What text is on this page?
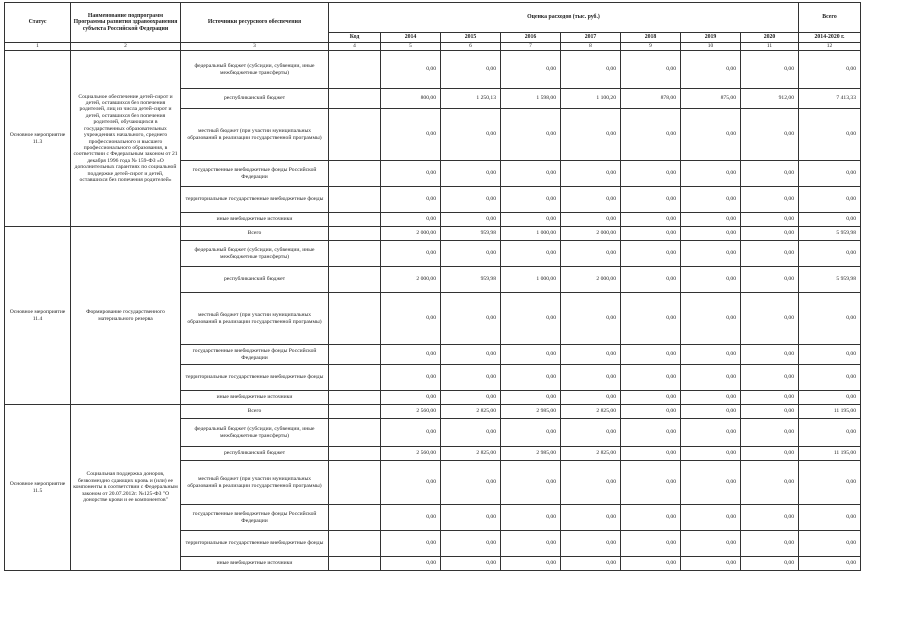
Статус	Наименование подпрограмм Программы развития здравоохранения субъекта Российской Федерации	Источники ресурсного обеспечения	Оценка расходов (тыс. руб.)								Всего
			Код	2014	2015	2016	2017	2018	2019	2020	2014-2020 г.
1	2	3	4	5	6	7	8	9	10	11	12
Основное мероприятие 11.3	Социальное обеспечение детей-сирот и детей, оставшихся без попечения родителей, лиц из числа детей-сирот и детей, оставшихся без попечения родителей, обучающихся в государственных образовательных учреждениях начального, среднего профессионального и высшего профессионального образования, в соответствии с Федеральным законом от 21 декабря 1996 года № 159-ФЗ «О дополнительных гарантиях по социальной поддержке детей-сирот и детей, оставшихся без попечения родителей»	федеральный бюджет (субсидии, субвенции, иные межбюджетные трансферты)		0,00	0,00	0,00	0,00	0,00	0,00	0,00	0,00
		республиканский бюджет		800,00	1 250,13	1 598,00	1 100,20	878,00	875,00	912,00	7 413,33
		местный бюджет (при участии муниципальных образований в реализации государственной программы)		0,00	0,00	0,00	0,00	0,00	0,00	0,00	0,00
		государственные внебюджетные фонды Российской Федерации		0,00	0,00	0,00	0,00	0,00	0,00	0,00	0,00
		территориальные государственные внебюджетные фонды		0,00	0,00	0,00	0,00	0,00	0,00	0,00	0,00
		иные внебюджетные источники		0,00	0,00	0,00	0,00	0,00	0,00	0,00	0,00
Основное мероприятие 11.4	Формирование государственного материального резерва	Всего		2 000,00	959,98	1 000,00	2 000,00	0,00	0,00	0,00	5 959,98
		федеральный бюджет (субсидии, субвенции, иные межбюджетные трансферты)		0,00	0,00	0,00	0,00	0,00	0,00	0,00	0,00
		республиканский бюджет		2 000,00	959,98	1 000,00	2 000,00	0,00	0,00	0,00	5 959,98
		местный бюджет (при участии муниципальных образований в реализации государственной программы)		0,00	0,00	0,00	0,00	0,00	0,00	0,00	0,00
		государственные внебюджетные фонды Российской Федерации		0,00	0,00	0,00	0,00	0,00	0,00	0,00	0,00
		территориальные государственные внебюджетные фонды		0,00	0,00	0,00	0,00	0,00	0,00	0,00	0,00
		иные внебюджетные источники		0,00	0,00	0,00	0,00	0,00	0,00	0,00	0,00
Основное мероприятие 11.5	Социальная поддержка доноров, безвозмездно сдающих кровь и (или) ее компоненты в соответствии с Федеральным законом от 20.07.2012г. №125-ФЗ "О донорстве крови и ее компонентов"	Всего		2 560,00	2 825,00	2 985,00	2 825,00	0,00	0,00	0,00	11 195,00
		федеральный бюджет (субсидии, субвенции, иные межбюджетные трансферты)		0,00	0,00	0,00	0,00	0,00	0,00	0,00	0,00
		республиканский бюджет		2 560,00	2 825,00	2 985,00	2 825,00	0,00	0,00	0,00	11 195,00
		местный бюджет (при участии муниципальных образований в реализации государственной программы)		0,00	0,00	0,00	0,00	0,00	0,00	0,00	0,00
		государственные внебюджетные фонды Российской Федерации		0,00	0,00	0,00	0,00	0,00	0,00	0,00	0,00
		территориальные государственные внебюджетные фонды		0,00	0,00	0,00	0,00	0,00	0,00	0,00	0,00
		иные внебюджетные источники		0,00	0,00	0,00	0,00	0,00	0,00	0,00	0,00
